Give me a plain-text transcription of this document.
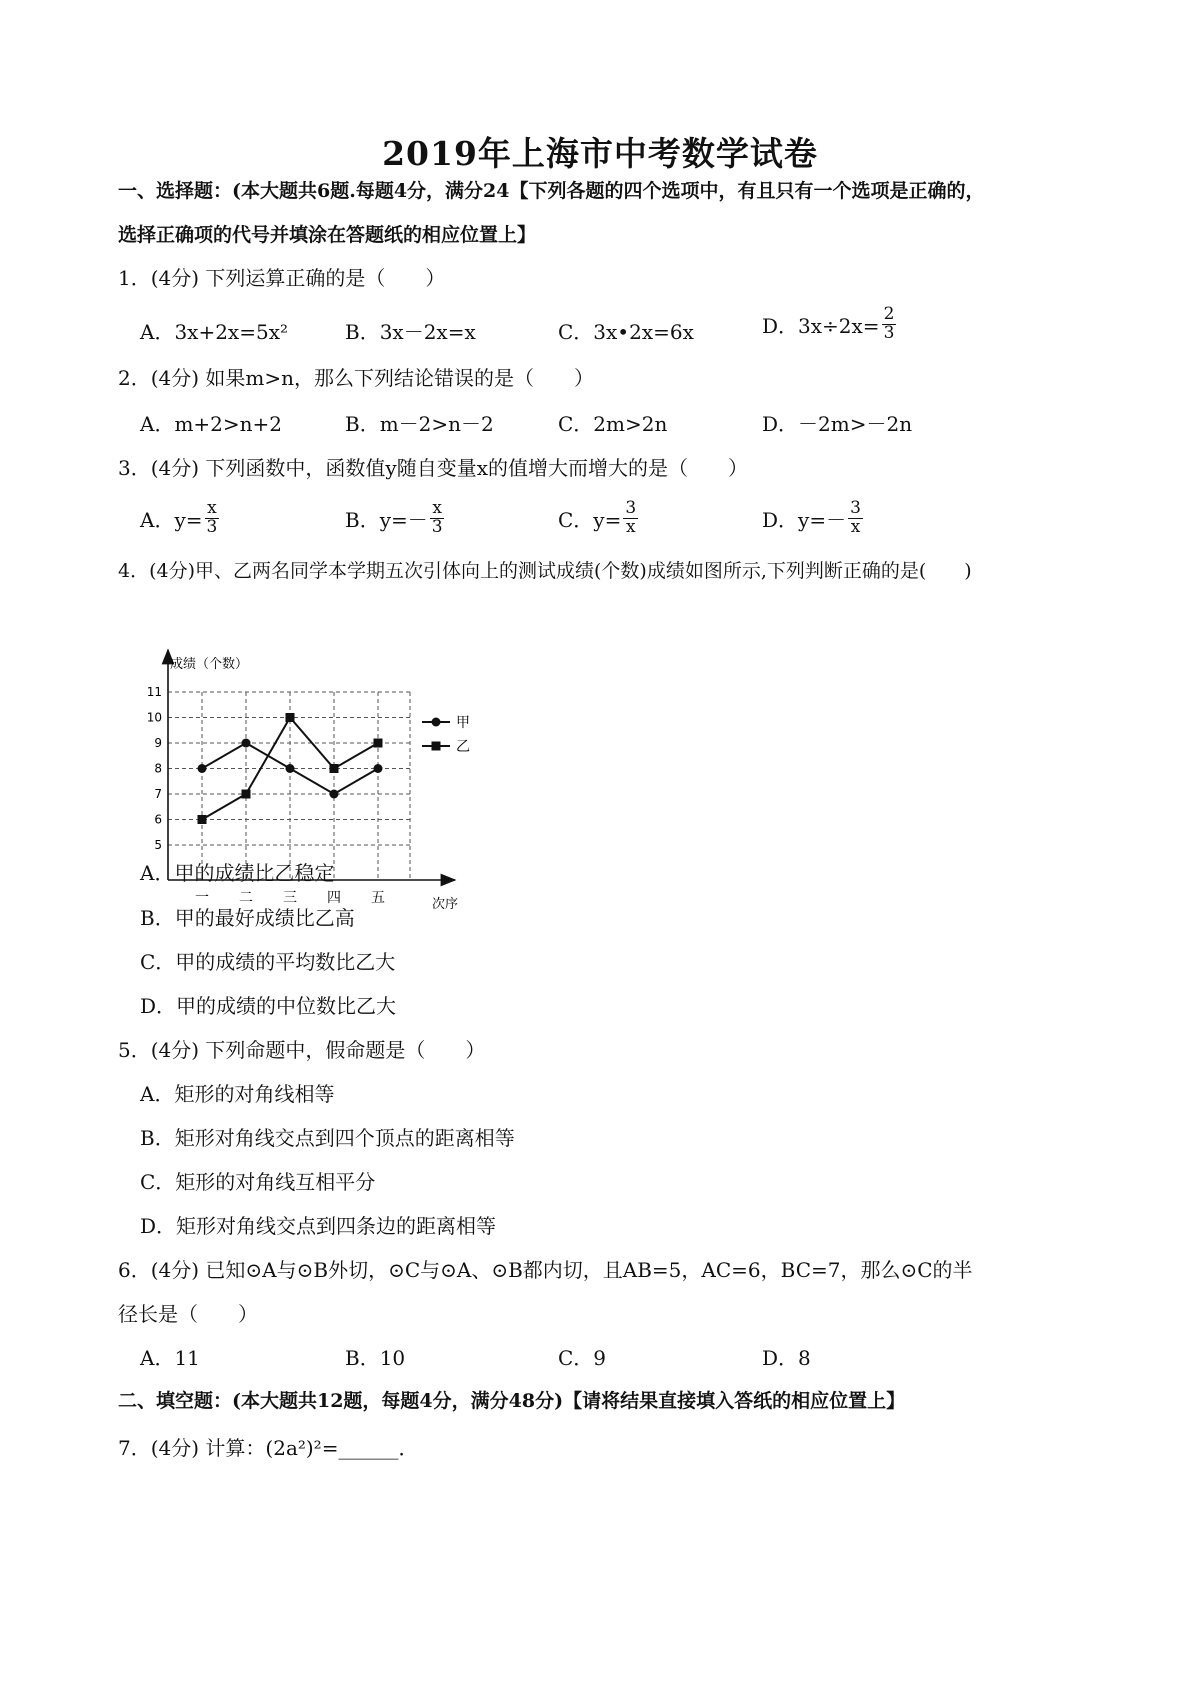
2019年上海市中考数学试卷
一、选择题：(本大题共6题.每题4分，满分24【下列各题的四个选项中，有且只有一个选项是正确的，
选择正确项的代号并填涂在答题纸的相应位置上】
1．(4分) 下列运算正确的是（　　）
A．3x+2x=5x²	B．3x－2x=x	C．3x•2x=6x	D．$3x\div 2x= \frac{2}{3}$
2．(4分) 如果m>n，那么下列结论错误的是（　　）
A．m+2>n+2	B．m－2>n－2	C．2m>2n	D．－2m>－2n
3．(4分) 下列函数中，函数值y随自变量x的值增大而增大的是（　　）
A．$y= \frac{x}{3}$	B．$y=- \frac{x}{3}$	C．$y= \frac{3}{x}$	D．$y=- \frac{3}{x}$
4．(4分)甲、乙两名同学本学期五次引体向上的测试成绩(个数)成绩如图所示,下列判断正确的是(　　)
成绩（个数）
次序
5
6
7
8
9
10
11
一 二 三 四 五
甲
乙
A．甲的成绩比乙稳定
B．甲的最好成绩比乙高
C．甲的成绩的平均数比乙大
D．甲的成绩的中位数比乙大
5．(4分) 下列命题中，假命题是（　　）
A．矩形的对角线相等
B．矩形对角线交点到四个顶点的距离相等
C．矩形的对角线互相平分
D．矩形对角线交点到四条边的距离相等
6．(4分) 已知⊙A与⊙B外切，⊙C与⊙A、⊙B都内切，且AB=5，AC=6，BC=7，那么⊙C的半
径长是（　　）
A．11	B．10	C．9	D．8
二、填空题：(本大题共12题，每题4分，满分48分)【请将结果直接填入答纸的相应位置上】
7．(4分) 计算：(2a²)²=______．
